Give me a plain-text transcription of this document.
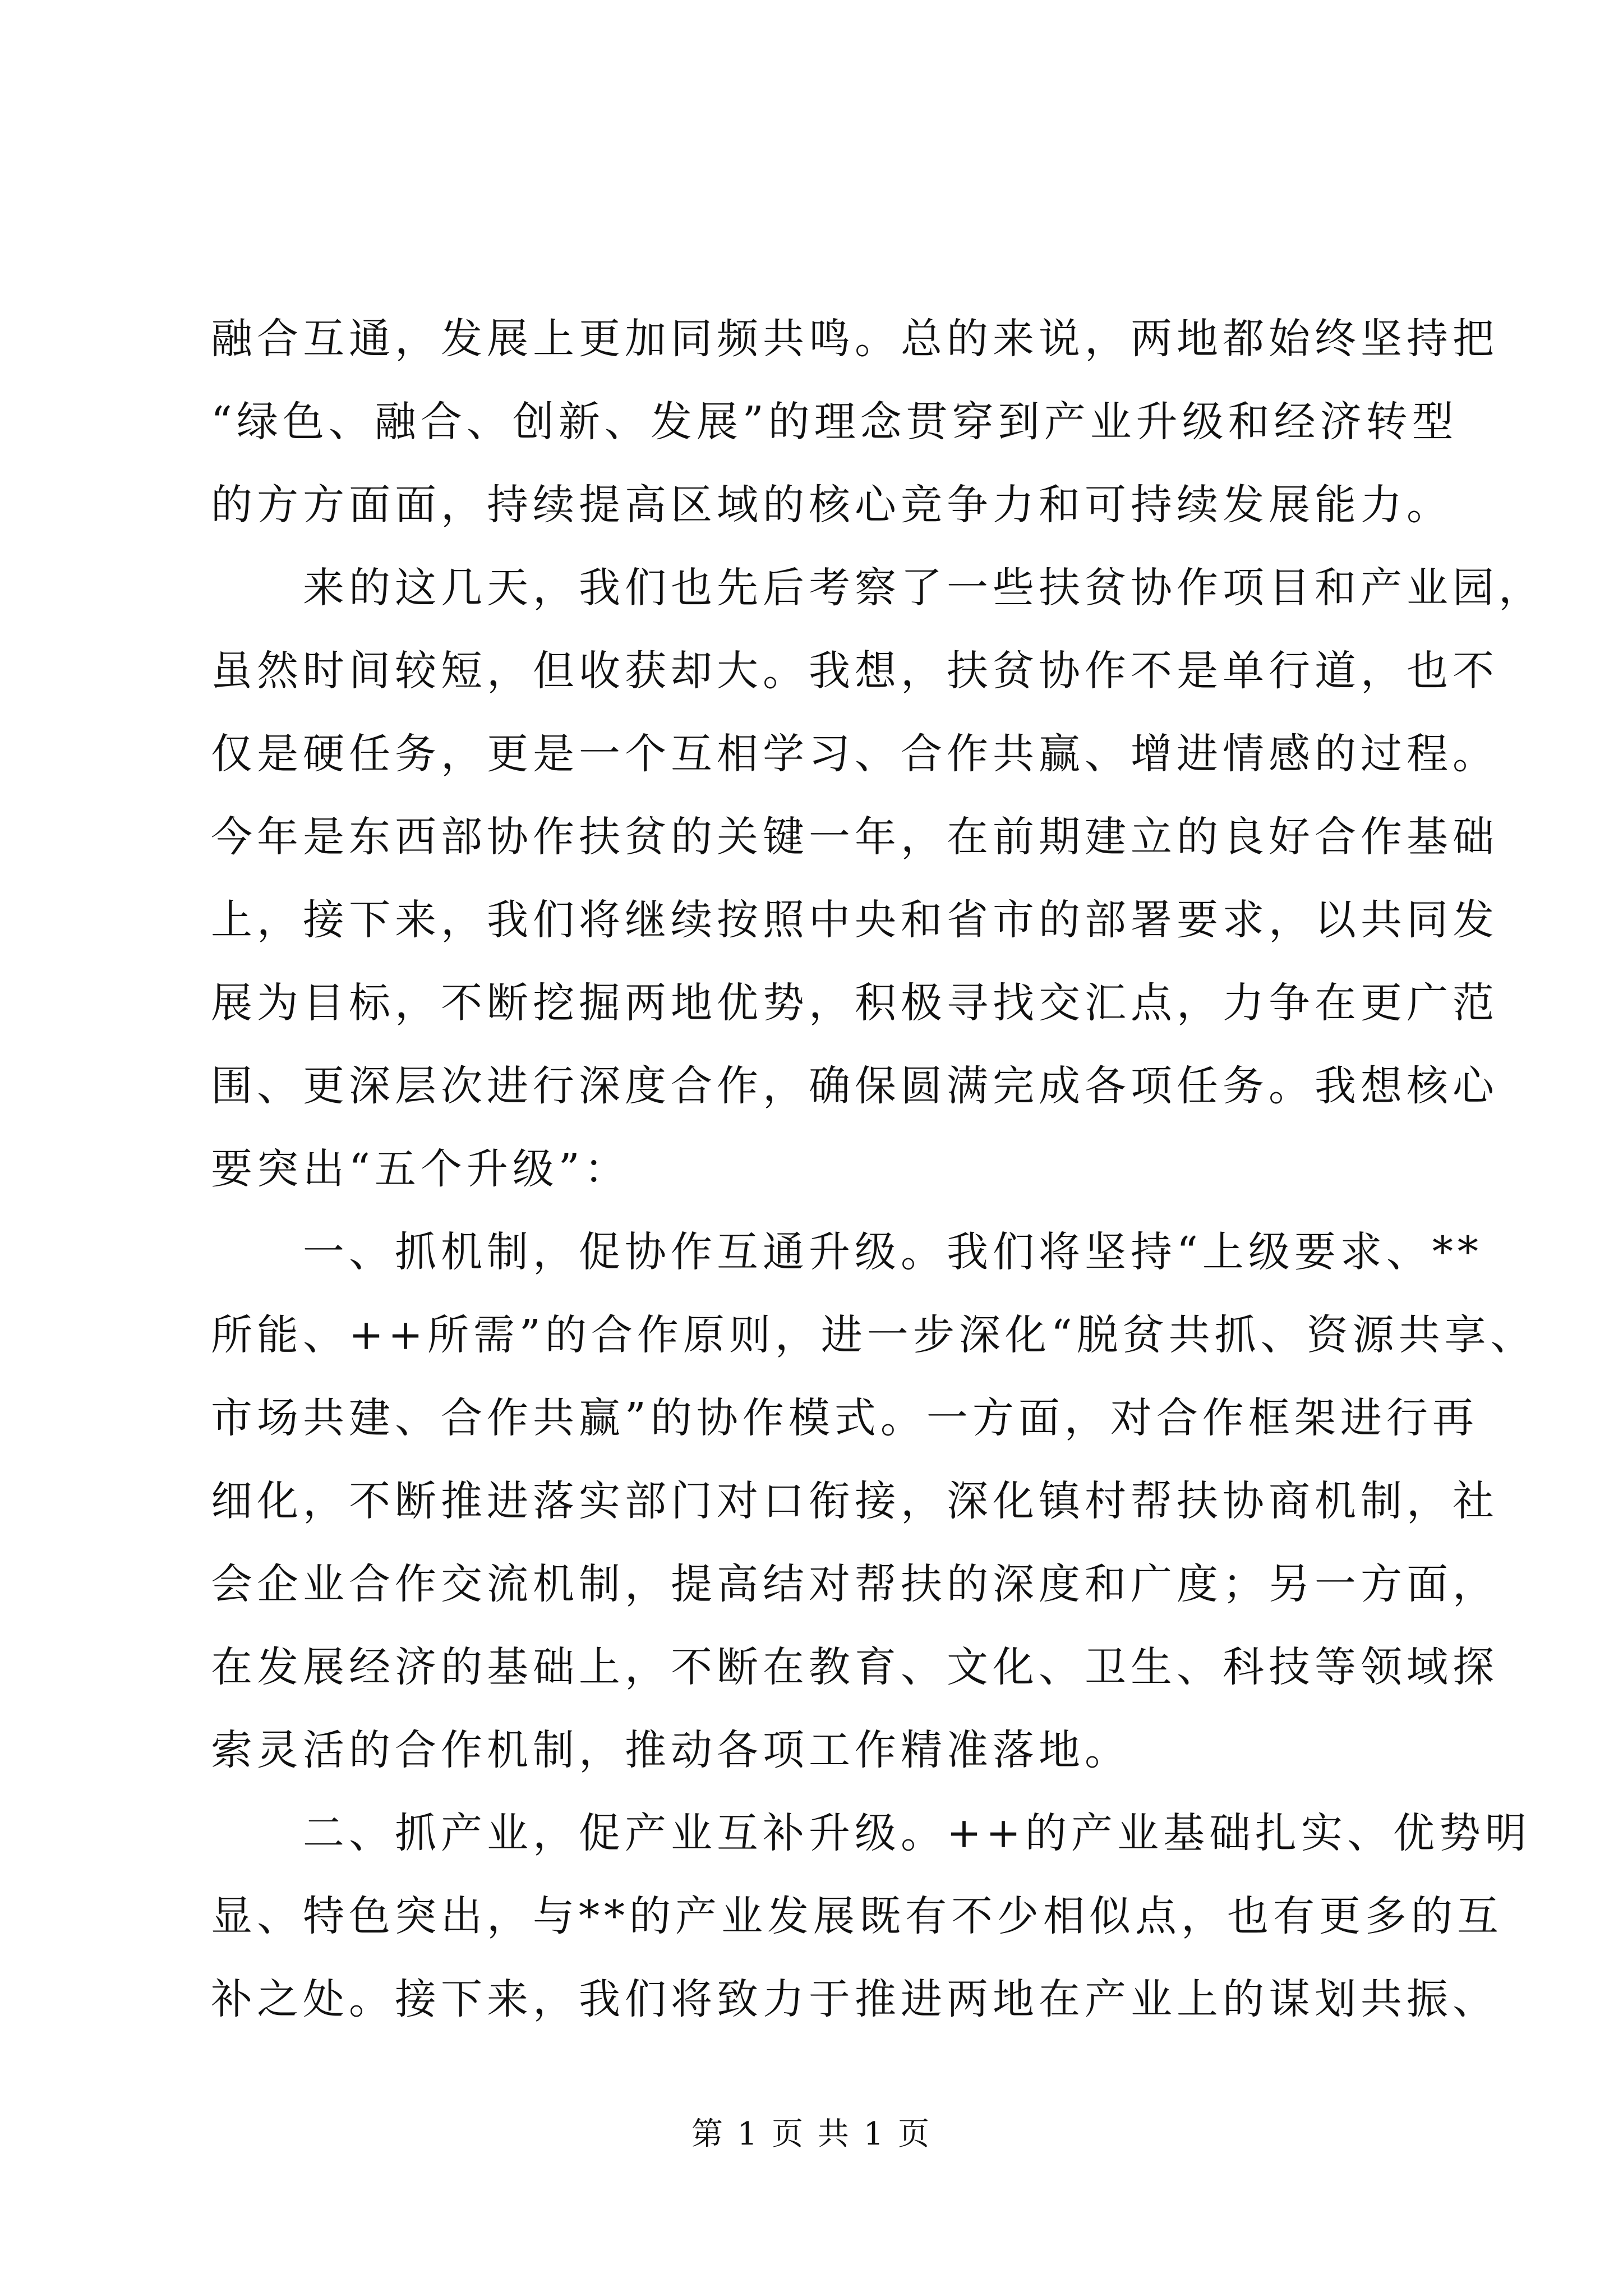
融合互通，发展上更加同频共鸣。总的来说，两地都始终坚持把
“绿色、融合、创新、发展”的理念贯穿到产业升级和经济转型
的方方面面，持续提高区域的核心竞争力和可持续发展能力。

　　来的这几天，我们也先后考察了一些扶贫协作项目和产业园，
虽然时间较短，但收获却大。我想，扶贫协作不是单行道，也不
仅是硬任务，更是一个互相学习、合作共赢、增进情感的过程。
今年是东西部协作扶贫的关键一年，在前期建立的良好合作基础
上，接下来，我们将继续按照中央和省市的部署要求，以共同发
展为目标，不断挖掘两地优势，积极寻找交汇点，力争在更广范
围、更深层次进行深度合作，确保圆满完成各项任务。我想核心
要突出“五个升级”：

　　一、抓机制，促协作互通升级。我们将坚持“上级要求、**
所能、++所需”的合作原则，进一步深化“脱贫共抓、资源共享、
市场共建、合作共赢”的协作模式。一方面，对合作框架进行再
细化，不断推进落实部门对口衔接，深化镇村帮扶协商机制，社
会企业合作交流机制，提高结对帮扶的深度和广度；另一方面，
在发展经济的基础上，不断在教育、文化、卫生、科技等领域探
索灵活的合作机制，推动各项工作精准落地。

　　二、抓产业，促产业互补升级。++的产业基础扎实、优势明
显、特色突出，与**的产业发展既有不少相似点，也有更多的互
补之处。接下来，我们将致力于推进两地在产业上的谋划共振、

第 1 页 共 1 页
